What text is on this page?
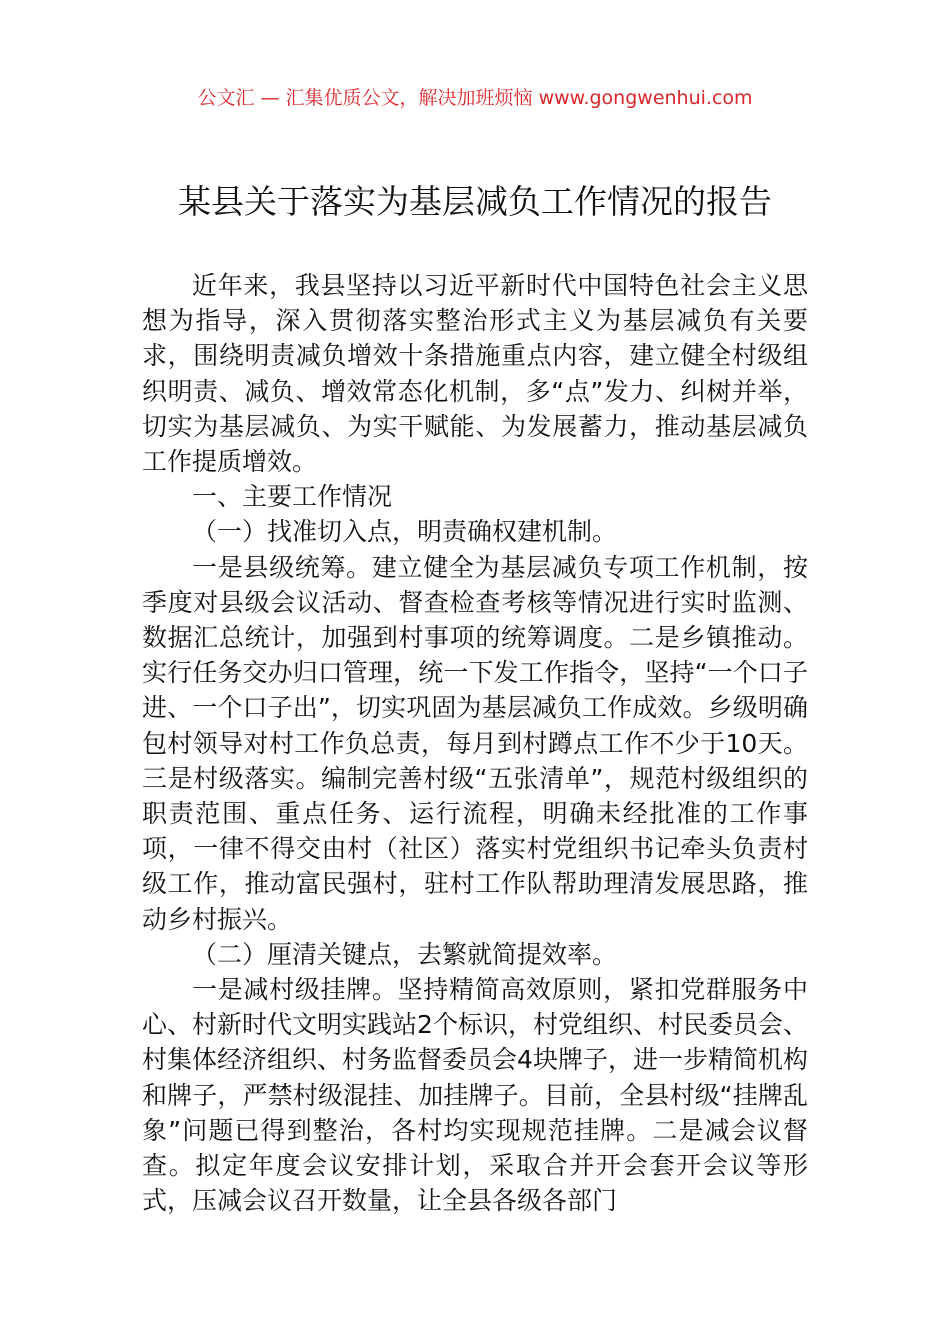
公文汇 — 汇集优质公文，解决加班烦恼 www.gongwenhui.com
某县关于落实为基层减负工作情况的报告

近年来，我县坚持以习近平新时代中国特色社会主义思想为指导，深入贯彻落实整治形式主义为基层减负有关要求，围绕明责减负增效十条措施重点内容，建立健全村级组织明责、减负、增效常态化机制，多“点”发力、纠树并举，切实为基层减负、为实干赋能、为发展蓄力，推动基层减负工作提质增效。

一、主要工作情况

（一）找准切入点，明责确权建机制。

一是县级统筹。建立健全为基层减负专项工作机制，按季度对县级会议活动、督查检查考核等情况进行实时监测、数据汇总统计，加强到村事项的统筹调度。二是乡镇推动。实行任务交办归口管理，统一下发工作指令，坚持“一个口子进、一个口子出”，切实巩固为基层减负工作成效。乡级明确包村领导对村工作负总责，每月到村蹲点工作不少于10天。三是村级落实。编制完善村级“五张清单”，规范村级组织的职责范围、重点任务、运行流程，明确未经批准的工作事项，一律不得交由村（社区）落实村党组织书记牵头负责村级工作，推动富民强村，驻村工作队帮助理清发展思路，推动乡村振兴。

（二）厘清关键点，去繁就简提效率。

一是减村级挂牌。坚持精简高效原则，紧扣党群服务中心、村新时代文明实践站2个标识，村党组织、村民委员会、村集体经济组织、村务监督委员会4块牌子，进一步精简机构和牌子，严禁村级混挂、加挂牌子。目前，全县村级“挂牌乱象”问题已得到整治，各村均实现规范挂牌。二是减会议督查。拟定年度会议安排计划，采取合并开会套开会议等形式，压减会议召开数量，让全县各级各部门
